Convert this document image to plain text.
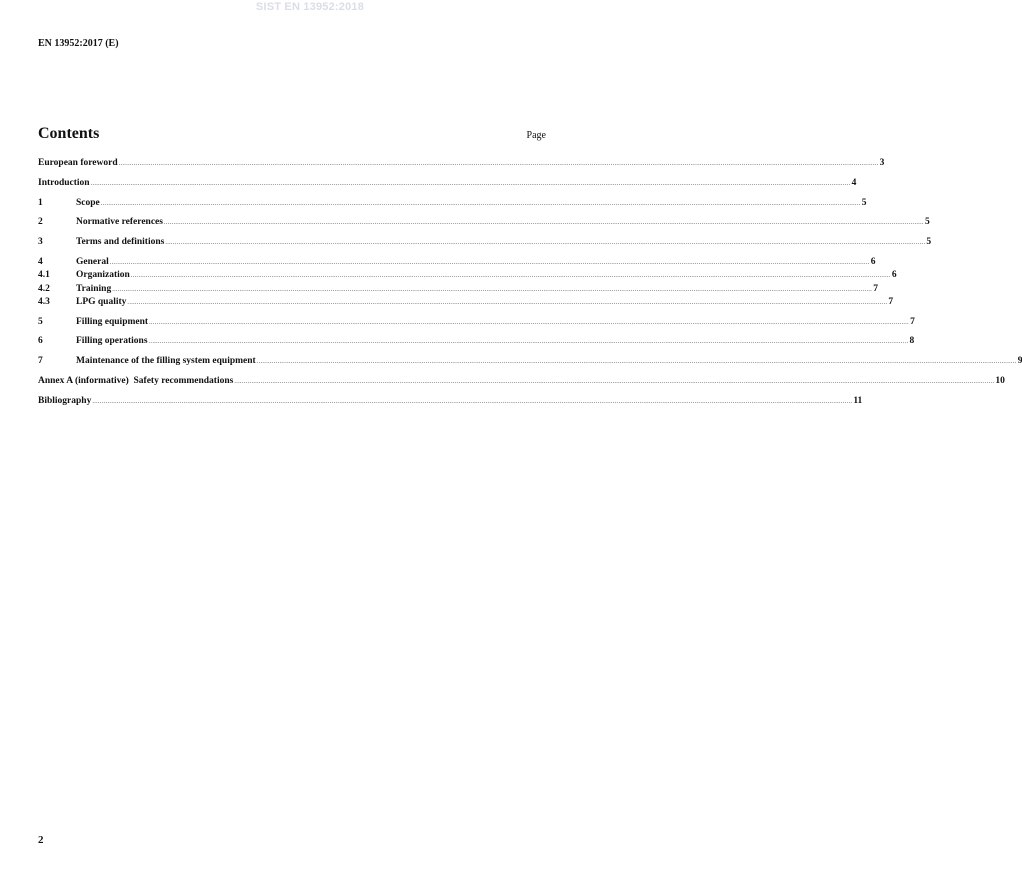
SIST EN 13952:2018
EN 13952:2017 (E)
Contents	Page
European foreword ................................................................................................................................................................................................................................................................................................................................................................................................................ 3
Introduction ................................................................................................................................................................................................................................................................................................................................................................................................................ 4
1	Scope ................................................................................................................................................................................................................................................................................................................................................................................................................ 5
2	Normative references ................................................................................................................................................................................................................................................................................................................................................................................................................ 5
3	Terms and definitions ................................................................................................................................................................................................................................................................................................................................................................................................................ 5
4	General ................................................................................................................................................................................................................................................................................................................................................................................................................ 6
4.1	Organization ................................................................................................................................................................................................................................................................................................................................................................................................................ 6
4.2	Training ................................................................................................................................................................................................................................................................................................................................................................................................................ 7
4.3	LPG quality ................................................................................................................................................................................................................................................................................................................................................................................................................ 7
5	Filling equipment ................................................................................................................................................................................................................................................................................................................................................................................................................ 7
6	Filling operations ................................................................................................................................................................................................................................................................................................................................................................................................................ 8
7	Maintenance of the filling system equipment ................................................................................................................................................................................................................................................................................................................................................................................................................ 9
Annex A (informative)  Safety recommendations ................................................................................................................................................................................................................................................................................................................................................................................................................ 10
Bibliography ................................................................................................................................................................................................................................................................................................................................................................................................................ 11
2
